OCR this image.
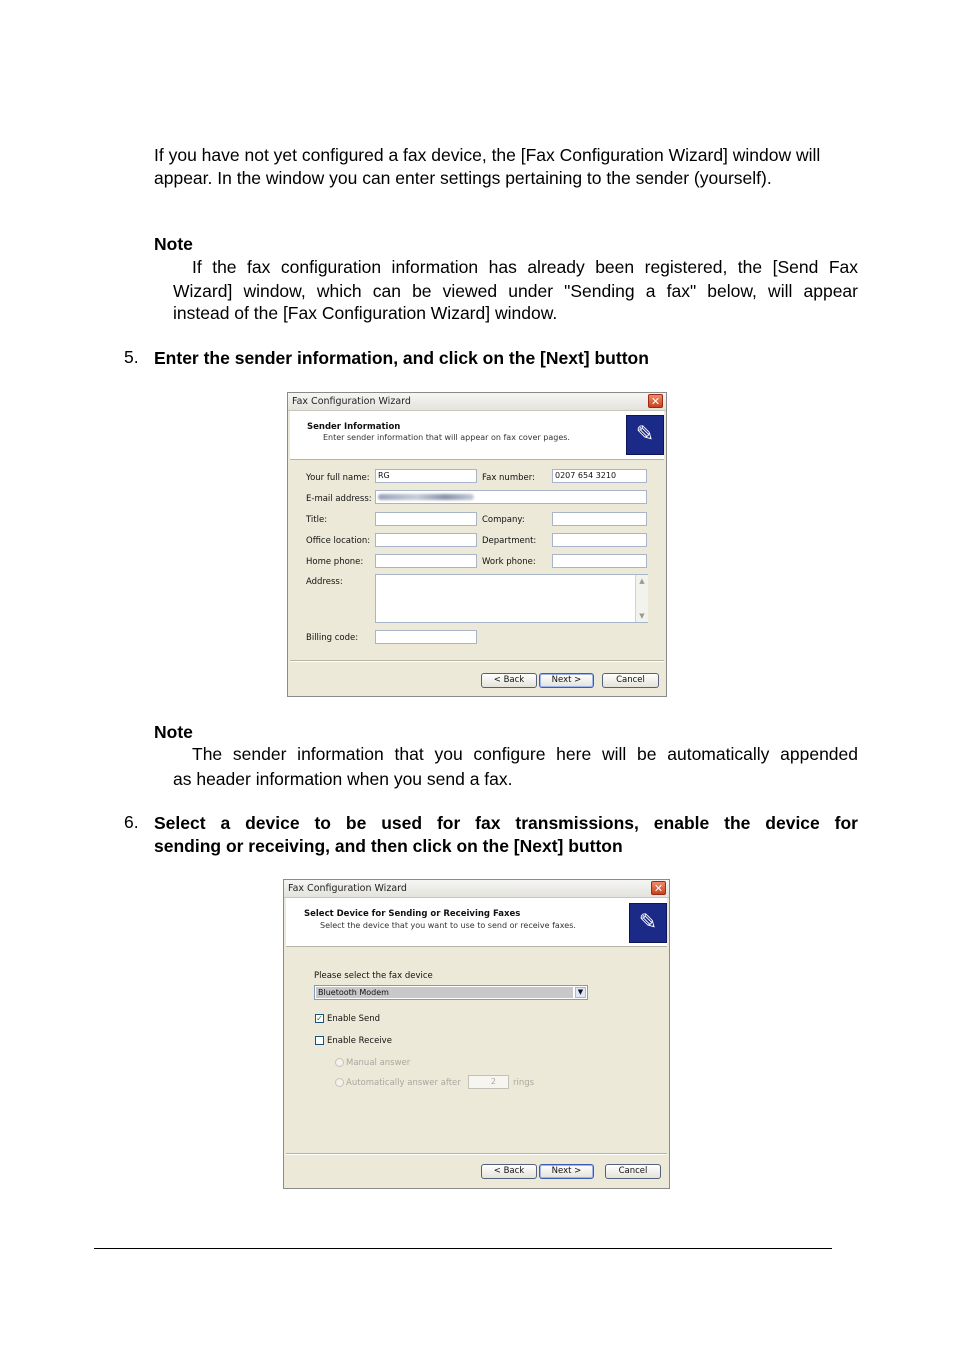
If you have not yet configured a fax device, the [Fax Configuration Wizard] window will appear. In the window you can enter settings pertaining to the sender (yourself).
Note
If the fax configuration information has already been registered, the [Send Fax
Wizard] window, which can be viewed under "Sending a fax" below, will appear
instead of the [Fax Configuration Wizard] window.
5. Enter the sender information, and click on the [Next] button
Fax Configuration Wizard	✕
Sender Information
Enter sender information that will appear on fax cover pages.	✎
Your full name:	RG	Fax number:	0207 654 3210
E-mail address:
Title:	Company:
Office location:	Department:
Home phone:	Work phone:
Address:	▲
▼
Billing code:
< Back	Next >	Cancel
Note
The sender information that you configure here will be automatically appended
as header information when you send a fax.
6. Select a device to be used for fax transmissions, enable the device for
sending or receiving, and then click on the [Next] button
Fax Configuration Wizard	✕
Select Device for Sending or Receiving Faxes
Select the device that you want to use to send or receive faxes.	✎
Please select the fax device
Bluetooth Modem	▼
✓ Enable Send
Enable Receive
Manual answer
Automatically answer after	2	rings
< Back	Next >	Cancel
